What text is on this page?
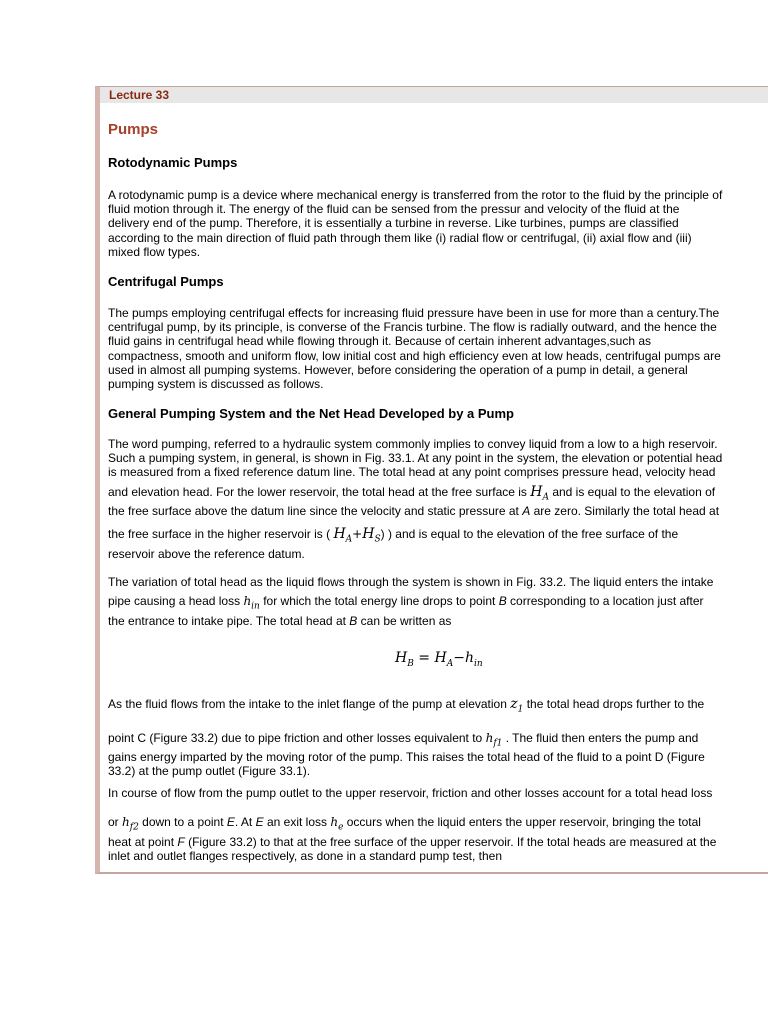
Lecture 33
Pumps
Rotodynamic Pumps
A rotodynamic pump is a device where mechanical energy is transferred from the rotor to the fluid by the principle of
fluid motion through it. The energy of the fluid can be sensed from the pressur and velocity of the fluid at the
delivery end of the pump. Therefore, it is essentially a turbine in reverse. Like turbines, pumps are classified
according to the main direction of fluid path through them like (i) radial flow or centrifugal, (ii) axial flow and (iii)
mixed flow types.
Centrifugal Pumps
The pumps employing centrifugal effects for increasing fluid pressure have been in use for more than a century.The
centrifugal pump, by its principle, is converse of the Francis turbine. The flow is radially outward, and the hence the
fluid gains in centrifugal head while flowing through it. Because of certain inherent advantages,such as
compactness, smooth and uniform flow, low initial cost and high efficiency even at low heads, centrifugal pumps are
used in almost all pumping systems. However, before considering the operation of a pump in detail, a general
pumping system is discussed as follows.
General Pumping System and the Net Head Developed by a Pump
The word pumping, referred to a hydraulic system commonly implies to convey liquid from a low to a high reservoir.
Such a pumping system, in general, is shown in Fig. 33.1. At any point in the system, the elevation or potential head
is measured from a fixed reference datum line. The total head at any point comprises pressure head, velocity head
and elevation head. For the lower reservoir, the total head at the free surface is $H_A$ and is equal to the elevation of
the free surface above the datum line since the velocity and static pressure at A are zero. Similarly the total head at
the free surface in the higher reservoir is ( $H_A+H_S$) ) and is equal to the elevation of the free surface of the
reservoir above the reference datum.
The variation of total head as the liquid flows through the system is shown in Fig. 33.2. The liquid enters the intake
pipe causing a head loss $h_{in}$ for which the total energy line drops to point B corresponding to a location just after
the entrance to intake pipe. The total head at B can be written as
$H_B = H_A-h_{in}$
As the fluid flows from the intake to the inlet flange of the pump at elevation $z_1$ the total head drops further to the
point C (Figure 33.2) due to pipe friction and other losses equivalent to $h_{f1}$ . The fluid then enters the pump and
gains energy imparted by the moving rotor of the pump. This raises the total head of the fluid to a point D (Figure
33.2) at the pump outlet (Figure 33.1).
In course of flow from the pump outlet to the upper reservoir, friction and other losses account for a total head loss
or $h_{f2}$ down to a point E. At E an exit loss $h_e$ occurs when the liquid enters the upper reservoir, bringing the total
heat at point F (Figure 33.2) to that at the free surface of the upper reservoir. If the total heads are measured at the
inlet and outlet flanges respectively, as done in a standard pump test, then
